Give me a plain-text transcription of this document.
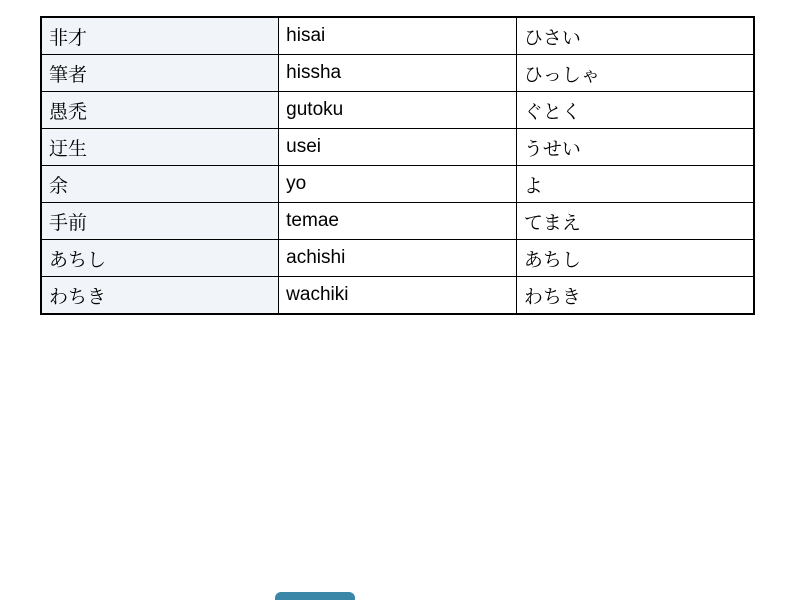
非才	hisai	ひさい
筆者	hissha	ひっしゃ
愚禿	gutoku	ぐとく
迂生	usei	うせい
余	yo	よ
手前	temae	てまえ
あちし	achishi	あちし
わちき	wachiki	わちき
